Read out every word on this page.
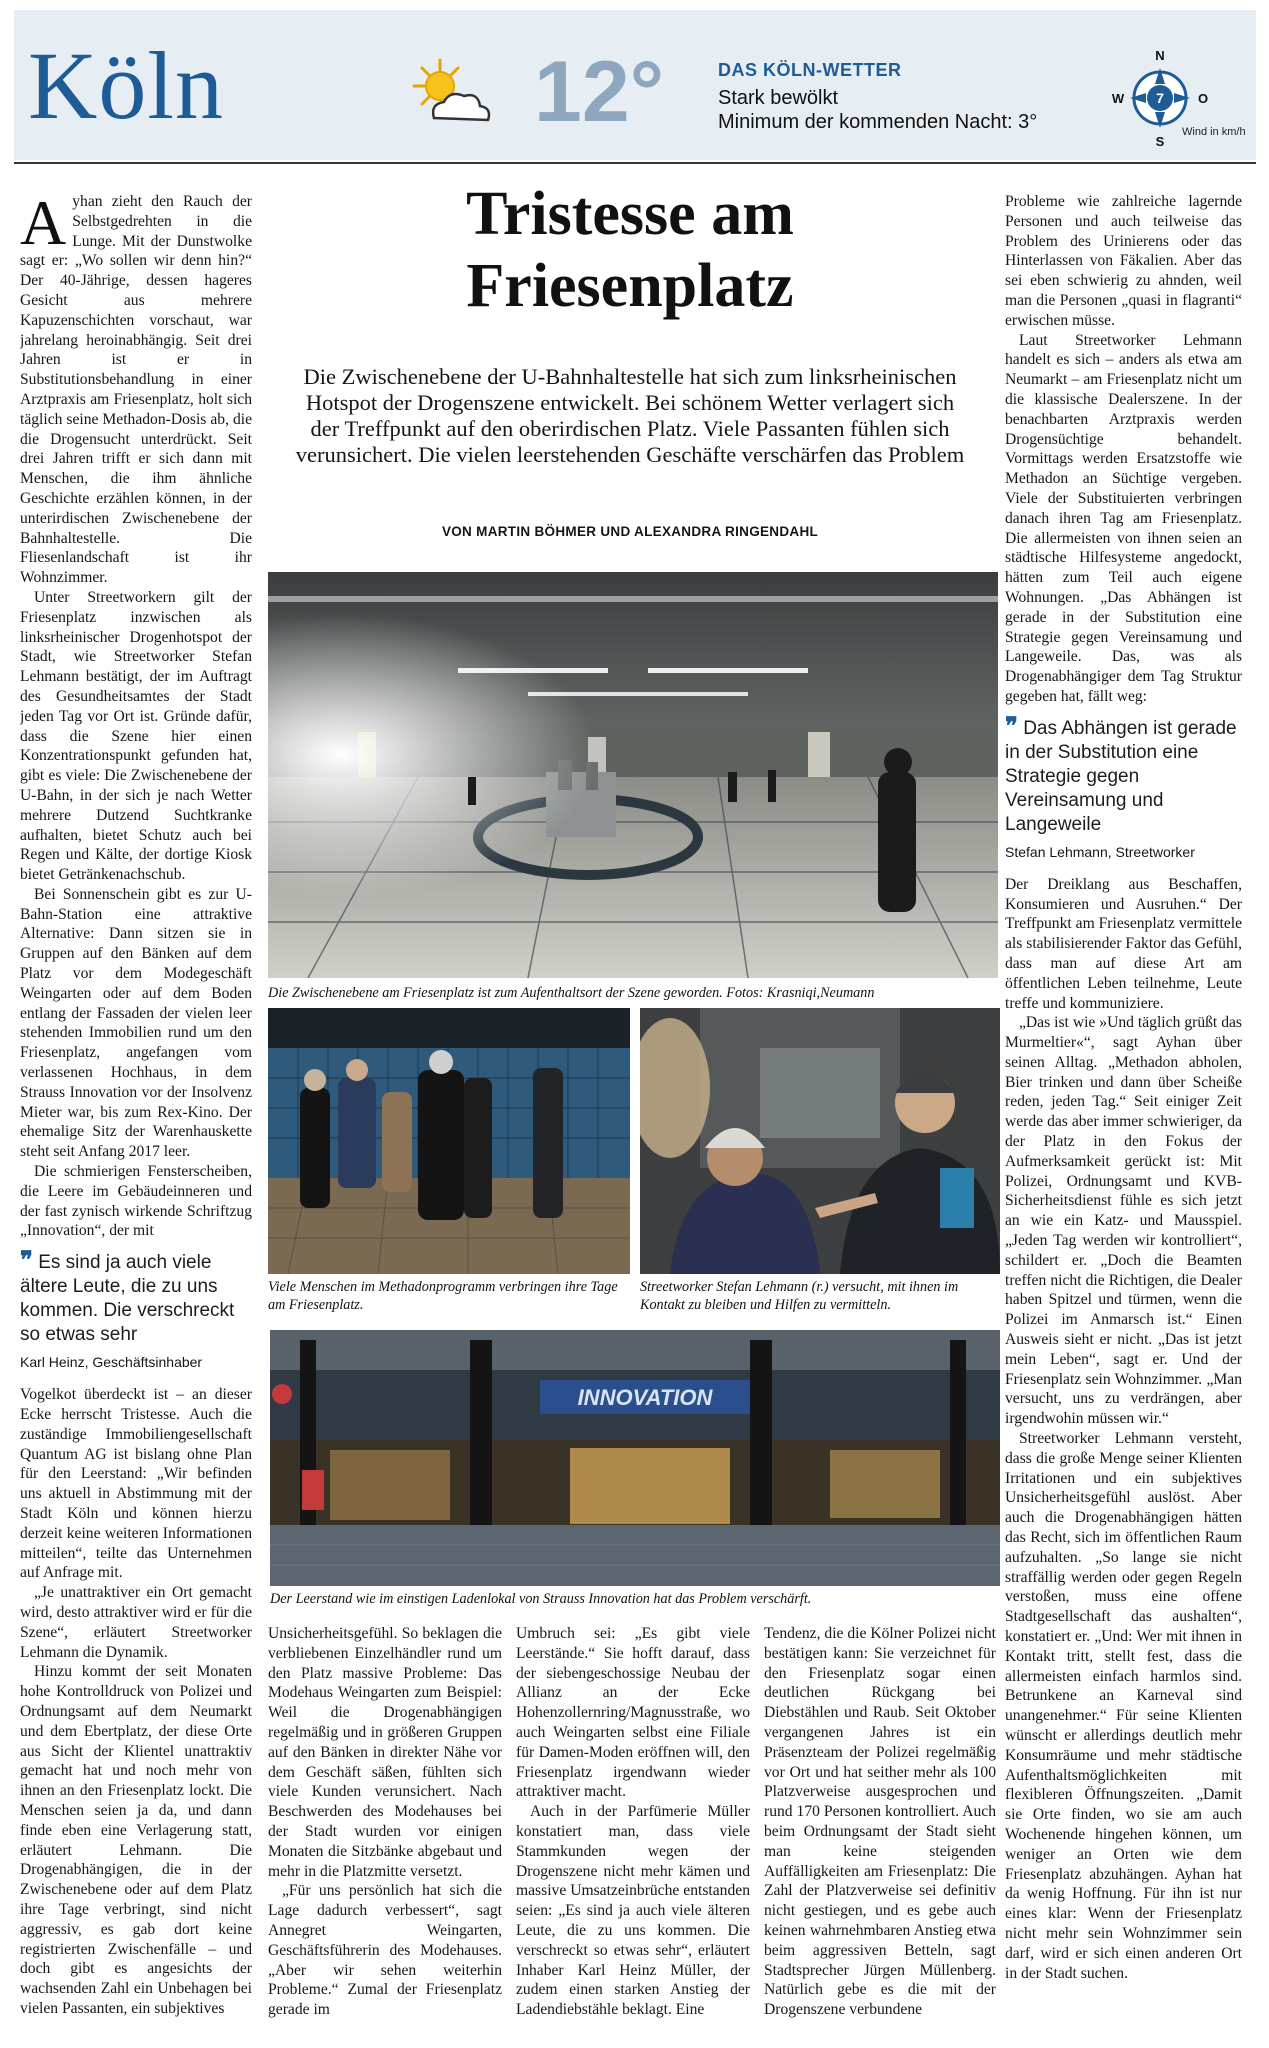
Köln	12°	DAS KÖLN-WETTER
Stark bewölkt
Minimum der kommenden Nacht: 3°
7
N
S
W	O
Wind in km/h

Ayhan zieht den Rauch der Selbstgedrehten in die Lunge. Mit der Dunstwolke sagt er: „Wo sollen wir denn hin?“ Der 40-Jährige, dessen hageres Gesicht aus mehrere Kapuzenschichten vorschaut, war jahrelang heroinabhängig. Seit drei Jahren ist er in Substitutionsbehandlung in einer Arztpraxis am Friesenplatz, holt sich täglich seine Methadon-Dosis ab, die die Drogensucht unterdrückt. Seit drei Jahren trifft er sich dann mit Menschen, die ihm ähnliche Geschichte erzählen können, in der unterirdischen Zwischenebene der Bahnhaltestelle. Die Fliesenlandschaft ist ihr Wohnzimmer.

Unter Streetworkern gilt der Friesenplatz inzwischen als linksrheinischer Drogenhotspot der Stadt, wie Streetworker Stefan Lehmann bestätigt, der im Auftragt des Gesundheitsamtes der Stadt jeden Tag vor Ort ist. Gründe dafür, dass die Szene hier einen Konzentrationspunkt gefunden hat, gibt es viele: Die Zwischenebene der U-Bahn, in der sich je nach Wetter mehrere Dutzend Suchtkranke aufhalten, bietet Schutz auch bei Regen und Kälte, der dortige Kiosk bietet Getränkenachschub.

Bei Sonnenschein gibt es zur U-Bahn-Station eine attraktive Alternative: Dann sitzen sie in Gruppen auf den Bänken auf dem Platz vor dem Modegeschäft Weingarten oder auf dem Boden entlang der Fassaden der vielen leer stehenden Immobilien rund um den Friesenplatz, angefangen vom verlassenen Hochhaus, in dem Strauss Innovation vor der Insolvenz Mieter war, bis zum Rex-Kino. Der ehemalige Sitz der Warenhauskette steht seit Anfang 2017 leer.

Die schmierigen Fensterscheiben, die Leere im Gebäudeinneren und der fast zynisch wirkende Schriftzug „Innovation“, der mit

❞ Es sind ja auch viele ältere Leute, die zu uns kommen. Die verschreckt so etwas sehr
Karl Heinz, Geschäftsinhaber

Vogelkot überdeckt ist – an dieser Ecke herrscht Tristesse. Auch die zuständige Immobiliengesellschaft Quantum AG ist bislang ohne Plan für den Leerstand: „Wir befinden uns aktuell in Abstimmung mit der Stadt Köln und können hierzu derzeit keine weiteren Informationen mitteilen“, teilte das Unternehmen auf Anfrage mit.

„Je unattraktiver ein Ort gemacht wird, desto attraktiver wird er für die Szene“, erläutert Streetworker Lehmann die Dynamik.

Hinzu kommt der seit Monaten hohe Kontrolldruck von Polizei und Ordnungsamt auf dem Neumarkt und dem Ebertplatz, der diese Orte aus Sicht der Klientel unattraktiv gemacht hat und noch mehr von ihnen an den Friesenplatz lockt. Die Menschen seien ja da, und dann finde eben eine Verlagerung statt, erläutert Lehmann. Die Drogenabhängigen, die in der Zwischenebene oder auf dem Platz ihre Tage verbringt, sind nicht aggressiv, es gab dort keine registrierten Zwischenfälle – und doch gibt es angesichts der wachsenden Zahl ein Unbehagen bei vielen Passanten, ein subjektives

Tristesse am
Friesenplatz
Die Zwischenebene der U-Bahnhaltestelle hat sich zum linksrheinischen Hotspot der Drogenszene entwickelt. Bei schönem Wetter verlagert sich der Treffpunkt auf den oberirdischen Platz. Viele Passanten fühlen sich verunsichert. Die vielen leerstehenden Geschäfte verschärfen das Problem
VON MARTIN BÖHMER UND ALEXANDRA RINGENDAHL
Die Zwischenebene am Friesenplatz ist zum Aufenthaltsort der Szene geworden. Fotos: Krasniqi,Neumann
Viele Menschen im Methadonprogramm verbringen ihre Tage am Friesenplatz.
Streetworker Stefan Lehmann (r.) versucht, mit ihnen im Kontakt zu bleiben und Hilfen zu vermitteln.
INNOVATION
Der Leerstand wie im einstigen Ladenlokal von Strauss Innovation hat das Problem verschärft.

Unsicherheitsgefühl. So beklagen die verbliebenen Einzelhändler rund um den Platz massive Probleme: Das Modehaus Weingarten zum Beispiel: Weil die Drogenabhängigen regelmäßig und in größeren Gruppen auf den Bänken in direkter Nähe vor dem Geschäft säßen, fühlten sich viele Kunden verunsichert. Nach Beschwerden des Modehauses bei der Stadt wurden vor einigen Monaten die Sitzbänke abgebaut und mehr in die Platzmitte versetzt.

„Für uns persönlich hat sich die Lage dadurch verbessert“, sagt Annegret Weingarten, Geschäftsführerin des Modehauses. „Aber wir sehen weiterhin Probleme.“ Zumal der Friesenplatz gerade im

Umbruch sei: „Es gibt viele Leerstände.“ Sie hofft darauf, dass der siebengeschossige Neubau der Allianz an der Ecke Hohenzollernring/Magnusstraße, wo auch Weingarten selbst eine Filiale für Damen-Moden eröffnen will, den Friesenplatz irgendwann wieder attraktiver macht.

Auch in der Parfümerie Müller konstatiert man, dass viele Stammkunden wegen der Drogenszene nicht mehr kämen und massive Umsatzeinbrüche entstanden seien: „Es sind ja auch viele älteren Leute, die zu uns kommen. Die verschreckt so etwas sehr“, erläutert Inhaber Karl Heinz Müller, der zudem einen starken Anstieg der Ladendiebstähle beklagt. Eine

Tendenz, die die Kölner Polizei nicht bestätigen kann: Sie verzeichnet für den Friesenplatz sogar einen deutlichen Rückgang bei Diebstählen und Raub. Seit Oktober vergangenen Jahres ist ein Präsenzteam der Polizei regelmäßig vor Ort und hat seither mehr als 100 Platzverweise ausgesprochen und rund 170 Personen kontrolliert. Auch beim Ordnungsamt der Stadt sieht man keine steigenden Auffälligkeiten am Friesenplatz: Die Zahl der Platzverweise sei definitiv nicht gestiegen, und es gebe auch keinen wahrnehmbaren Anstieg etwa beim aggressiven Betteln, sagt Stadtsprecher Jürgen Müllenberg. Natürlich gebe es die mit der Drogenszene verbundene

Probleme wie zahlreiche lagernde Personen und auch teilweise das Problem des Urinierens oder das Hinterlassen von Fäkalien. Aber das sei eben schwierig zu ahnden, weil man die Personen „quasi in flagranti“ erwischen müsse.

Laut Streetworker Lehmann handelt es sich – anders als etwa am Neumarkt – am Friesenplatz nicht um die klassische Dealerszene. In der benachbarten Arztpraxis werden Drogensüchtige behandelt. Vormittags werden Ersatzstoffe wie Methadon an Süchtige vergeben. Viele der Substituierten verbringen danach ihren Tag am Friesenplatz. Die allermeisten von ihnen seien an städtische Hilfesysteme angedockt, hätten zum Teil auch eigene Wohnungen. „Das Abhängen ist gerade in der Substitution eine Strategie gegen Vereinsamung und Langeweile. Das, was als Drogenabhängiger dem Tag Struktur gegeben hat, fällt weg:

❞ Das Abhängen ist gerade in der Substitution eine Strategie gegen Vereinsamung und Langeweile
Stefan Lehmann, Streetworker

Der Dreiklang aus Beschaffen, Konsumieren und Ausruhen.“ Der Treffpunkt am Friesenplatz vermittele als stabilisierender Faktor das Gefühl, dass man auf diese Art am öffentlichen Leben teilnehme, Leute treffe und kommuniziere.

„Das ist wie »Und täglich grüßt das Murmeltier«“, sagt Ayhan über seinen Alltag. „Methadon abholen, Bier trinken und dann über Scheiße reden, jeden Tag.“ Seit einiger Zeit werde das aber immer schwieriger, da der Platz in den Fokus der Aufmerksamkeit gerückt ist: Mit Polizei, Ordnungsamt und KVB-Sicherheitsdienst fühle es sich jetzt an wie ein Katz- und Mausspiel. „Jeden Tag werden wir kontrolliert“, schildert er. „Doch die Beamten treffen nicht die Richtigen, die Dealer haben Spitzel und türmen, wenn die Polizei im Anmarsch ist.“ Einen Ausweis sieht er nicht. „Das ist jetzt mein Leben“, sagt er. Und der Friesenplatz sein Wohnzimmer. „Man versucht, uns zu verdrängen, aber irgendwohin müssen wir.“

Streetworker Lehmann versteht, dass die große Menge seiner Klienten Irritationen und ein subjektives Unsicherheitsgefühl auslöst. Aber auch die Drogenabhängigen hätten das Recht, sich im öffentlichen Raum aufzuhalten. „So lange sie nicht straffällig werden oder gegen Regeln verstoßen, muss eine offene Stadtgesellschaft das aushalten“, konstatiert er. „Und: Wer mit ihnen in Kontakt tritt, stellt fest, dass die allermeisten einfach harmlos sind. Betrunkene an Karneval sind unangenehmer.“ Für seine Klienten wünscht er allerdings deutlich mehr Konsumräume und mehr städtische Aufenthaltsmöglichkeiten mit flexibleren Öffnungszeiten. „Damit sie Orte finden, wo sie am auch Wochenende hingehen können, um weniger an Orten wie dem Friesenplatz abzuhängen. Ayhan hat da wenig Hoffnung. Für ihn ist nur eines klar: Wenn der Friesenplatz nicht mehr sein Wohnzimmer sein darf, wird er sich einen anderen Ort in der Stadt suchen.
